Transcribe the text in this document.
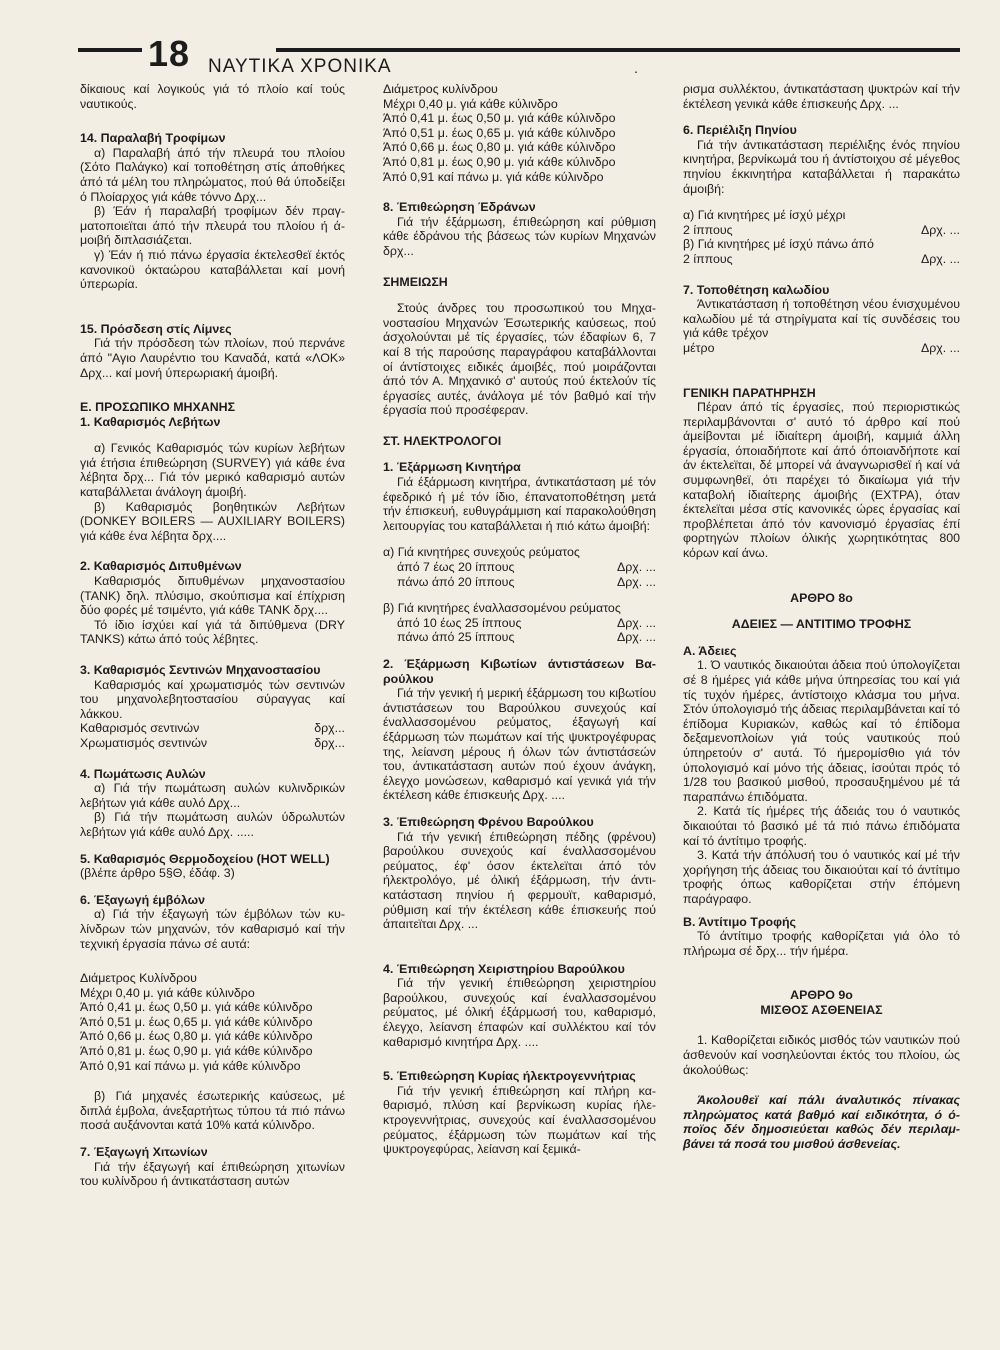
18 ΝΑΥΤΙΚΑ ΧΡΟΝΙΚΑ	.

δίκαιους καί λογικούς γιά τό πλοίο καί τούς ναυτικούς.

14. Παραλαβή Τροφίμων

α) Παραλαβή άπό τήν πλευρά του πλοίου (Σότο Παλάγκο) καί τοποθέτηση στίς άποθήκες άπό τά μέλη του πληρώματος, πού θά ύποδείξει ό Πλοίαρχος γιά κάθε τόννο Δρχ...

β) Έάν ή παραλαβή τροφίμων δέν πραγματοποιεϊται άπό τήν πλευρά του πλοίου ή άμοιβή διπλασιάζεται.

γ) Έάν ή πιό πάνω έργασία έκτελεσθεϊ έκτός κανονικοϋ όκταώρου καταβάλλεται καί μονή ύπερωρία.

15. Πρόσδεση στίς Λίμνες

Γιά τήν πρόσδεση τών πλοίων, πού περνάνε άπό "Αγιο Λαυρέντιο του Καναδά, κατά «ΛΟΚ» Δρχ... καί μονή ύπερωριακή άμοιβή.

Ε. ΠΡΟΣΩΠΙΚΟ ΜΗΧΑΝΗΣ

1. Καθαρισμός Λεβήτων

α) Γενικός Καθαρισμός τών κυρίων λεβήτων γιά έτήσια έπιθεώρηση (SURVEY) γιά κάθε ένα λέβητα δρχ... Γιά τόν μερικό καθαρισμό αυτών καταβάλλεται άνάλογη άμοιβή.

β) Καθαρισμός βοηθητικών Λεβήτων (DONKEY BOILERS — AUXILIARY BOILERS) γιά κάθε ένα λέβητα δρχ....

2. Καθαρισμός Διπυθμένων

Καθαρισμός διπυθμένων μηχανοστασίου (TANK) δηλ. πλύσιμο, σκούπισμα καί έπίχριση δύο φορές μέ τσιμέντο, γιά κάθε TANK δρχ....

Τό ίδιο ίσχύει καί γιά τά διπύθμενα (DRY TANKS) κάτω άπό τούς λέβητες.

3. Καθαρισμός Σεντινών Μηχανοστασίου

Καθαρισμός καί χρωματισμός τών σεντινών του μηχανολεβητοστασίου σύραγγας καί λάκκου.

Καθαρισμός σεντινών	δρχ...
Χρωματισμός σεντινών	δρχ...

4. Πωμάτωσις Αυλών

α) Γιά τήν πωμάτωση αυλών κυλινδρικών λεβήτων γιά κάθε αυλό Δρχ...

β) Γιά τήν πωμάτωση αυλών ύδρωλυτών λεβήτων γιά κάθε αυλό Δρχ. .....

5. Καθαρισμός Θερμοδοχείου (HOT WELL)

(βλέπε άρθρο 5§Θ, έδάφ. 3)

6. Έξαγωγή έμβόλων

α) Γιά τήν έξαγωγή τών έμβόλων τών κυλίνδρων τών μηχανών, τόν καθαρισμό καί τήν τεχνική έργασία πάνω σέ αυτά:

Διάμετρος Κυλίνδρου
Μέχρι 0,40 μ. γιά κάθε κύλινδρο
Άπό 0,41 μ. έως 0,50 μ. γιά κάθε κύλινδρο
Άπό 0,51 μ. έως 0,65 μ. γιά κάθε κύλινδρο
Άπό 0,66 μ. έως 0,80 μ. γιά κάθε κύλινδρο
Άπό 0,81 μ. έως 0,90 μ. γιά κάθε κύλινδρο
Άπό 0,91 καί πάνω μ. γιά κάθε κύλινδρο

β) Γιά μηχανές έσωτερικής καύσεως, μέ διπλά έμβολα, άνεξαρτήτως τύπου τά πιό πάνω ποσά αυξάνονται κατά 10% κατά κύλινδρο.

7. Έξαγωγή Χιτωνίων

Γιά τήν έξαγωγή καί έπιθεώρηση χιτωνίων του κυλίνδρου ή άντικατάσταση αυτών

Διάμετρος κυλίνδρου
Μέχρι 0,40 μ. γιά κάθε κύλινδρο
Άπό 0,41 μ. έως 0,50 μ. γιά κάθε κύλινδρο
Άπό 0,51 μ. έως 0,65 μ. γιά κάθε κύλινδρο
Άπό 0,66 μ. έως 0,80 μ. γιά κάθε κύλινδρο
Άπό 0,81 μ. έως 0,90 μ. γιά κάθε κύλινδρο
Άπό 0,91 καί πάνω μ. γιά κάθε κύλινδρο

8. Έπιθεώρηση Έδράνων

Γιά τήν έξάρμωση, έπιθεώρηση καί ρύθμιση κάθε έδράνου τής βάσεως τών κυρίων Μηχανών δρχ...

ΣΗΜΕΙΩΣΗ

Στούς άνδρες του προσωπικού του Μηχανοστασίου Μηχανών Έσωτερικής καύσεως, πού άσχολούνται μέ τίς έργασίες, τών έδαφίων 6, 7 καί 8 τής παρούσης παραγράφου καταβάλλονται οί άντίστοιχες ειδικές άμοιβές, πού μοιράζονται άπό τόν Α. Μηχανικό σ' αυτούς πού έκτελούν τίς έργασίες αυτές, άνάλογα μέ τόν βαθμό καί τήν έργασία πού προσέφεραν.

ΣΤ. ΗΛΕΚΤΡΟΛΟΓΟΙ

1. Έξάρμωση Κινητήρα

Γιά έξάρμωση κινητήρα, άντικατάσταση μέ τόν έφεδρικό ή μέ τόν ίδιο, έπανατοποθέτηση μετά τήν έπισκευή, ευθυγράμμιση καί παρακολούθηση λειτουργίας του καταβάλλεται ή πιό κάτω άμοιβή:

α) Γιά κινητήρες συνεχούς ρεύματος

άπό 7 έως 20 ίππους	Δρχ. ...
πάνω άπό 20 ίππους	Δρχ. ...

β) Γιά κινητήρες έναλλασσομένου ρεύματος

άπό 10 έως 25 ίππους	Δρχ. ...
πάνω άπό 25 ίππους	Δρχ. ...

2. Έξάρμωση Κιβωτίων άντιστάσεων Βαρούλκου

Γιά τήν γενική ή μερική έξάρμωση του κιβωτίου άντιστάσεων του Βαρούλκου συνεχούς καί έναλλασσομένου ρεύματος, έξαγωγή καί έξάρμωση τών πωμάτων καί τής ψυκτρογέφυρας της, λείανση μέρους ή όλων τών άντιστάσεών του, άντικατάσταση αυτών πού έχουν άνάγκη, έλεγχο μονώσεων, καθαρισμό καί γενικά γιά τήν έκτέλεση κάθε έπισκευής Δρχ. ....

3. Έπιθεώρηση Φρένου Βαρούλκου

Γιά τήν γενική έπιθεώρηση πέδης (φρένου) βαρούλκου συνεχούς καί έναλλασσομένου ρεύματος, έφ' όσον έκτελεϊται άπό τόν ήλεκτρολόγο, μέ όλική έξάρμωση, τήν άντικατάσταση πηνίου ή φερμουϊτ, καθαρισμό, ρύθμιση καί τήν έκτέλεση κάθε έπισκευής πού άπαιτεϊται Δρχ. ...

4. Έπιθεώρηση Χειριστηρίου Βαρούλκου

Γιά τήν γενική έπιθεώρηση χειριστηρίου βαρούλκου, συνεχούς καί έναλλασσομένου ρεύματος, μέ όλική έξάρμωσή του, καθαρισμό, έλεγχο, λείανση έπαφών καί συλλέκτου καί τόν καθαρισμό κινητήρα Δρχ. ....

5. Έπιθεώρηση Κυρίας ήλεκτρογεννήτριας

Γιά τήν γενική έπιθεώρηση καί πλήρη καθαρισμό, πλύση καί βερνίκωση κυρίας ήλεκτρογεννήτριας, συνεχούς καί έναλλασσομένου ρεύματος, έξάρμωση τών πωμάτων καί τής ψυκτρογεφύρας, λείανση καί ξεμικά-

ρισμα συλλέκτου, άντικατάσταση ψυκτρών καί τήν έκτέλεση γενικά κάθε έπισκευής Δρχ. ...

6. Περιέλιξη Πηνίου

Γιά τήν άντικατάσταση περιέλιξης ένός πηνίου κινητήρα, βερνίκωμά του ή άντίστοιχου σέ μέγεθος πηνίου έκκινητήρα καταβάλλεται ή παρακάτω άμοιβή:

α) Γιά κινητήρες μέ ίσχύ μέχρι

2 ίππους	Δρχ. ...

β) Γιά κινητήρες μέ ίσχύ πάνω άπό

2 ίππους	Δρχ. ...

7. Τοποθέτηση καλωδίου

Άντικατάσταση ή τοποθέτηση νέου ένισχυμένου καλωδίου μέ τά στηρίγματα καί τίς συνδέσεις του γιά κάθε τρέχον

μέτρο	Δρχ. ...

ΓΕΝΙΚΗ ΠΑΡΑΤΗΡΗΣΗ

Πέραν άπό τίς έργασίες, πού περιοριστικώς περιλαμβάνονται σ' αυτό τό άρθρο καί πού άμείβονται μέ ίδιαίτερη άμοιβή, καμμιά άλλη έργασία, όποιαδήποτε καί άπό όποιανδήποτε καί άν έκτελεϊται, δέ μπορεί νά άναγνωρισθεϊ ή καί νά συμφωνηθεϊ, ότι παρέχει τό δικαίωμα γιά τήν καταβολή ίδιαίτερης άμοιβής (ΕΧΤΡΑ), όταν έκτελεϊται μέσα στίς κανονικές ώρες έργασίας καί προβλέπεται άπό τόν κανονισμό έργασίας έπί φορτηγών πλοίων όλικής χωρητικότητας 800 κόρων καί άνω.

ΑΡΘΡΟ 8ο

ΑΔΕΙΕΣ — ΑΝΤΙΤΙΜΟ ΤΡΟΦΗΣ

Α. Άδειες

1. Ό ναυτικός δικαιούται άδεια πού ύπολογίζεται σέ 8 ήμέρες γιά κάθε μήνα ύπηρεσίας του καί γιά τίς τυχόν ήμέρες, άντίστοιχο κλάσμα του μήνα. Στόν ύπολογισμό τής άδειας περιλαμβάνεται καί τό έπίδομα Κυριακών, καθώς καί τό έπίδομα δεξαμενοπλοίων γιά τούς ναυτικούς πού ύπηρετούν σ' αυτά. Τό ήμερομίσθιο γιά τόν ύπολογισμό καί μόνο τής άδειας, ίσούται πρός τό 1/28 του βασικού μισθού, προσαυξημένου μέ τά παραπάνω έπιδόματα.

2. Κατά τίς ήμέρες τής άδειάς του ό ναυτικός δικαιούται τό βασικό μέ τά πιό πάνω έπιδόματα καί τό άντίτιμο τροφής.

3. Κατά τήν άπόλυσή του ό ναυτικός καί μέ τήν χορήγηση τής άδειας του δικαιούται καί τό άντίτιμο τροφής όπως καθορίζεται στήν έπόμενη παράγραφο.

Β. Άντίτιμο Τροφής

Τό άντίτιμο τροφής καθορίζεται γιά όλο τό πλήρωμα σέ δρχ... τήν ήμέρα.

ΑΡΘΡΟ 9ο

ΜΙΣΘΟΣ ΑΣΘΕΝΕΙΑΣ

1. Καθορίζεται ειδικός μισθός τών ναυτικών πού άσθενούν καί νοσηλεύονται έκτός του πλοίου, ώς άκολούθως:

Άκολουθεϊ καί πάλι άναλυτικός πίνακας πληρώματος κατά βαθμό καί ειδικότητα, ό όποϊος δέν δημοσιεύεται καθώς δέν περιλαμβάνει τά ποσά του μισθού άσθενείας.
